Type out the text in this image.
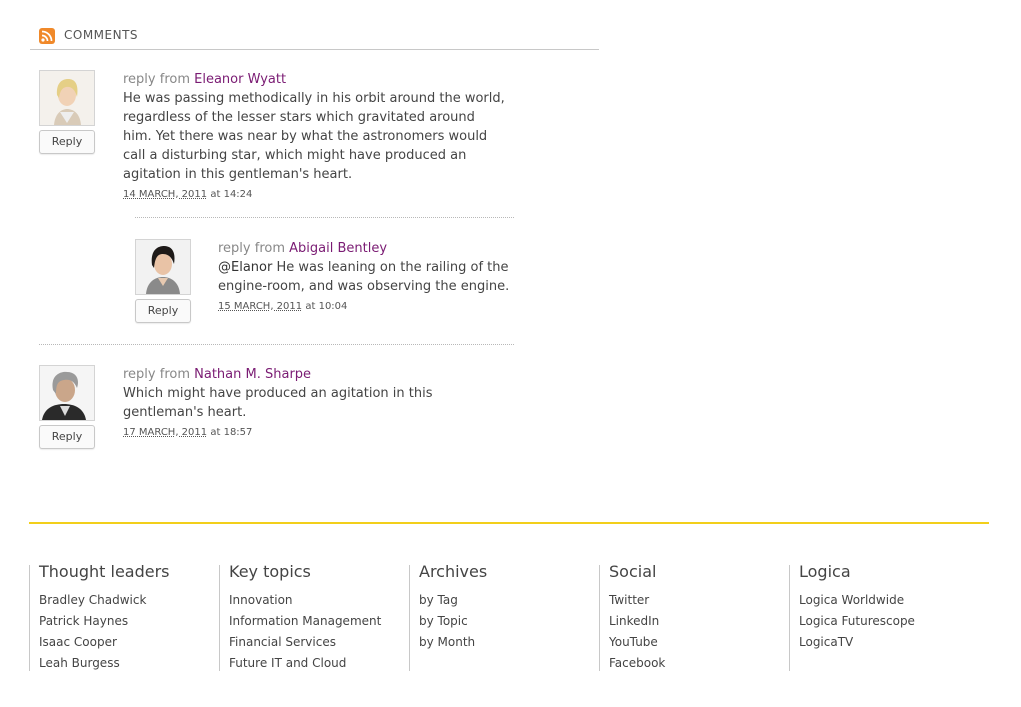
COMMENTS
Reply
reply from Eleanor Wyatt

He was passing methodically in his orbit around the world,
regardless of the lesser stars which gravitated around
him. Yet there was near by what the astronomers would
call a disturbing star, which might have produced an
agitation in this gentleman's heart.

14 MARCH, 2011 at 14:24
Reply
reply from Abigail Bentley

@Elanor He was leaning on the railing of the
engine-room, and was observing the engine.

15 MARCH, 2011 at 10:04
Reply
reply from Nathan M. Sharpe

Which might have produced an agitation in this
gentleman's heart.

17 MARCH, 2011 at 18:57
Thought leaders
Bradley Chadwick
Patrick Haynes
Isaac Cooper
Leah Burgess
Key topics
Innovation
Information Management
Financial Services
Future IT and Cloud
Archives
by Tag
by Topic
by Month
Social
Twitter
LinkedIn
YouTube
Facebook
Logica
Logica Worldwide
Logica Futurescope
LogicaTV
